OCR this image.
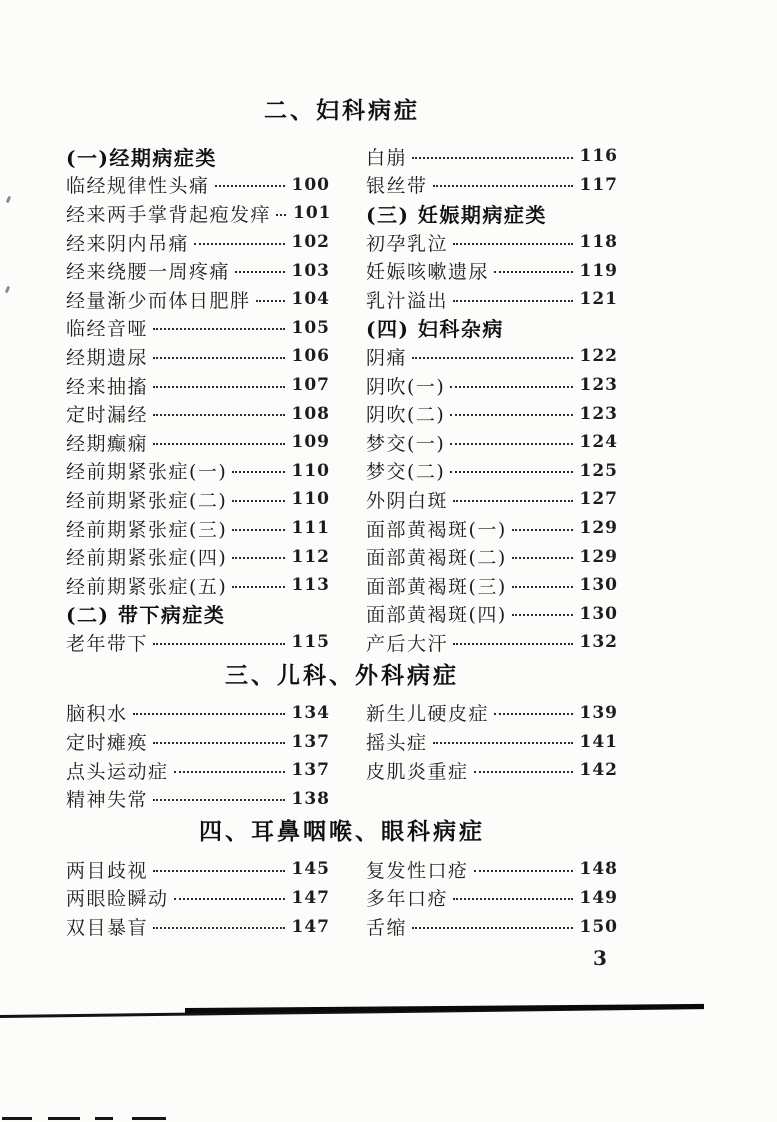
二、妇科病症
(一)经期病症类
临经规律性头痛	100
经来两手掌背起疱发痒 101
经来阴内吊痛	102
经来绕腰一周疼痛	103
经量渐少而体日肥胖 104
临经音哑	105
经期遗尿	106
经来抽搐	107
定时漏经	108
经期癫痫	109
经前期紧张症(一)	110
经前期紧张症(二)	110
经前期紧张症(三)	111
经前期紧张症(四)	112
经前期紧张症(五)	113
(二) 带下病症类
老年带下	115
白崩	116
银丝带	117
(三) 妊娠期病症类
初孕乳泣	118
妊娠咳嗽遗尿	119
乳汁溢出	121
(四) 妇科杂病
阴痛	122
阴吹(一)	123
阴吹(二)	123
梦交(一)	124
梦交(二)	125
外阴白斑	127
面部黄褐斑(一)	129
面部黄褐斑(二)	129
面部黄褐斑(三)	130
面部黄褐斑(四)	130
产后大汗	132
三、儿科、外科病症
脑积水	134
定时瘫痪	137
点头运动症	137
精神失常	138
新生儿硬皮症	139
摇头症	141
皮肌炎重症	142
四、耳鼻咽喉、眼科病症
两目歧视	145
两眼睑瞬动	147
双目暴盲	147
复发性口疮	148
多年口疮	149
舌缩	150
3
